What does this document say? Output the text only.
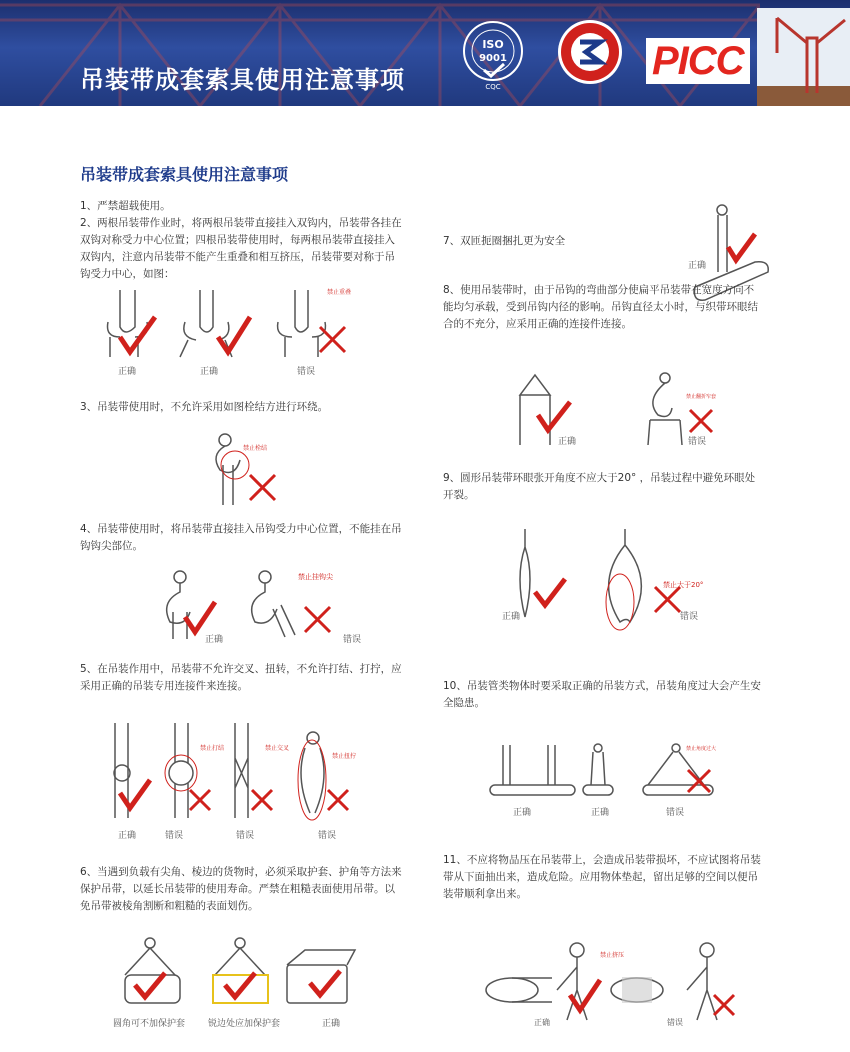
吊装带成套索具使用注意事项
ISO
9001
CQC
PICC
吊装带成套索具使用注意事项

1、严禁超载使用。

2、两根吊装带作业时，将两根吊装带直接挂入双钩内，吊装带各挂在双钩对称受力中心位置；四根吊装带使用时，每两根吊装带直接挂入双钩内，注意内吊装带不能产生重叠和相互挤压，吊装带要对称于吊钩受力中心，如图：

禁止重叠
正确	正确	错误

3、吊装带使用时，不允许采用如图栓结方进行环绕。

禁止栓结

4、吊装带使用时，将吊装带直接挂入吊钩受力中心位置，不能挂在吊钩钩尖部位。

禁止挂钩尖
正确	错误

5、在吊装作用中，吊装带不允许交叉、扭转，不允许打结、打拧，应采用正确的吊装专用连接件来连接。

禁止打结	禁止交叉
禁止扭拧
正确	错误	错误	错误

6、当遇到负载有尖角、棱边的货物时，必须采取护套、护角等方法来保护吊带，以延长吊装带的使用寿命。严禁在粗糙表面使用吊带。以免吊带被棱角割断和粗糙的表面划伤。

圆角可不加保护套	锐边处应加保护套	正确

7、双匝扼圈捆扎更为安全

正确

8、使用吊装带时，由于吊钩的弯曲部分使扁平吊装带在宽度方向不能均匀承载，受到吊钩内径的影响。吊钩直径太小时，与织带环眼结合的不充分，应采用正确的连接件连接。

正确	错误
禁止翻折窄套

9、圆形吊装带环眼张开角度不应大于20° ，吊装过程中避免环眼处开裂。

正确	错误
禁止大于20°

10、吊装管类物体时要采取正确的吊装方式，吊装角度过大会产生安全隐患。

正确	正确	错误
禁止角度过大

11、不应将物品压在吊装带上，会造成吊装带损坏，不应试图将吊装带从下面抽出来，造成危险。应用物体垫起，留出足够的空间以便吊装带顺利拿出来。

正确	错误
禁止挤压
